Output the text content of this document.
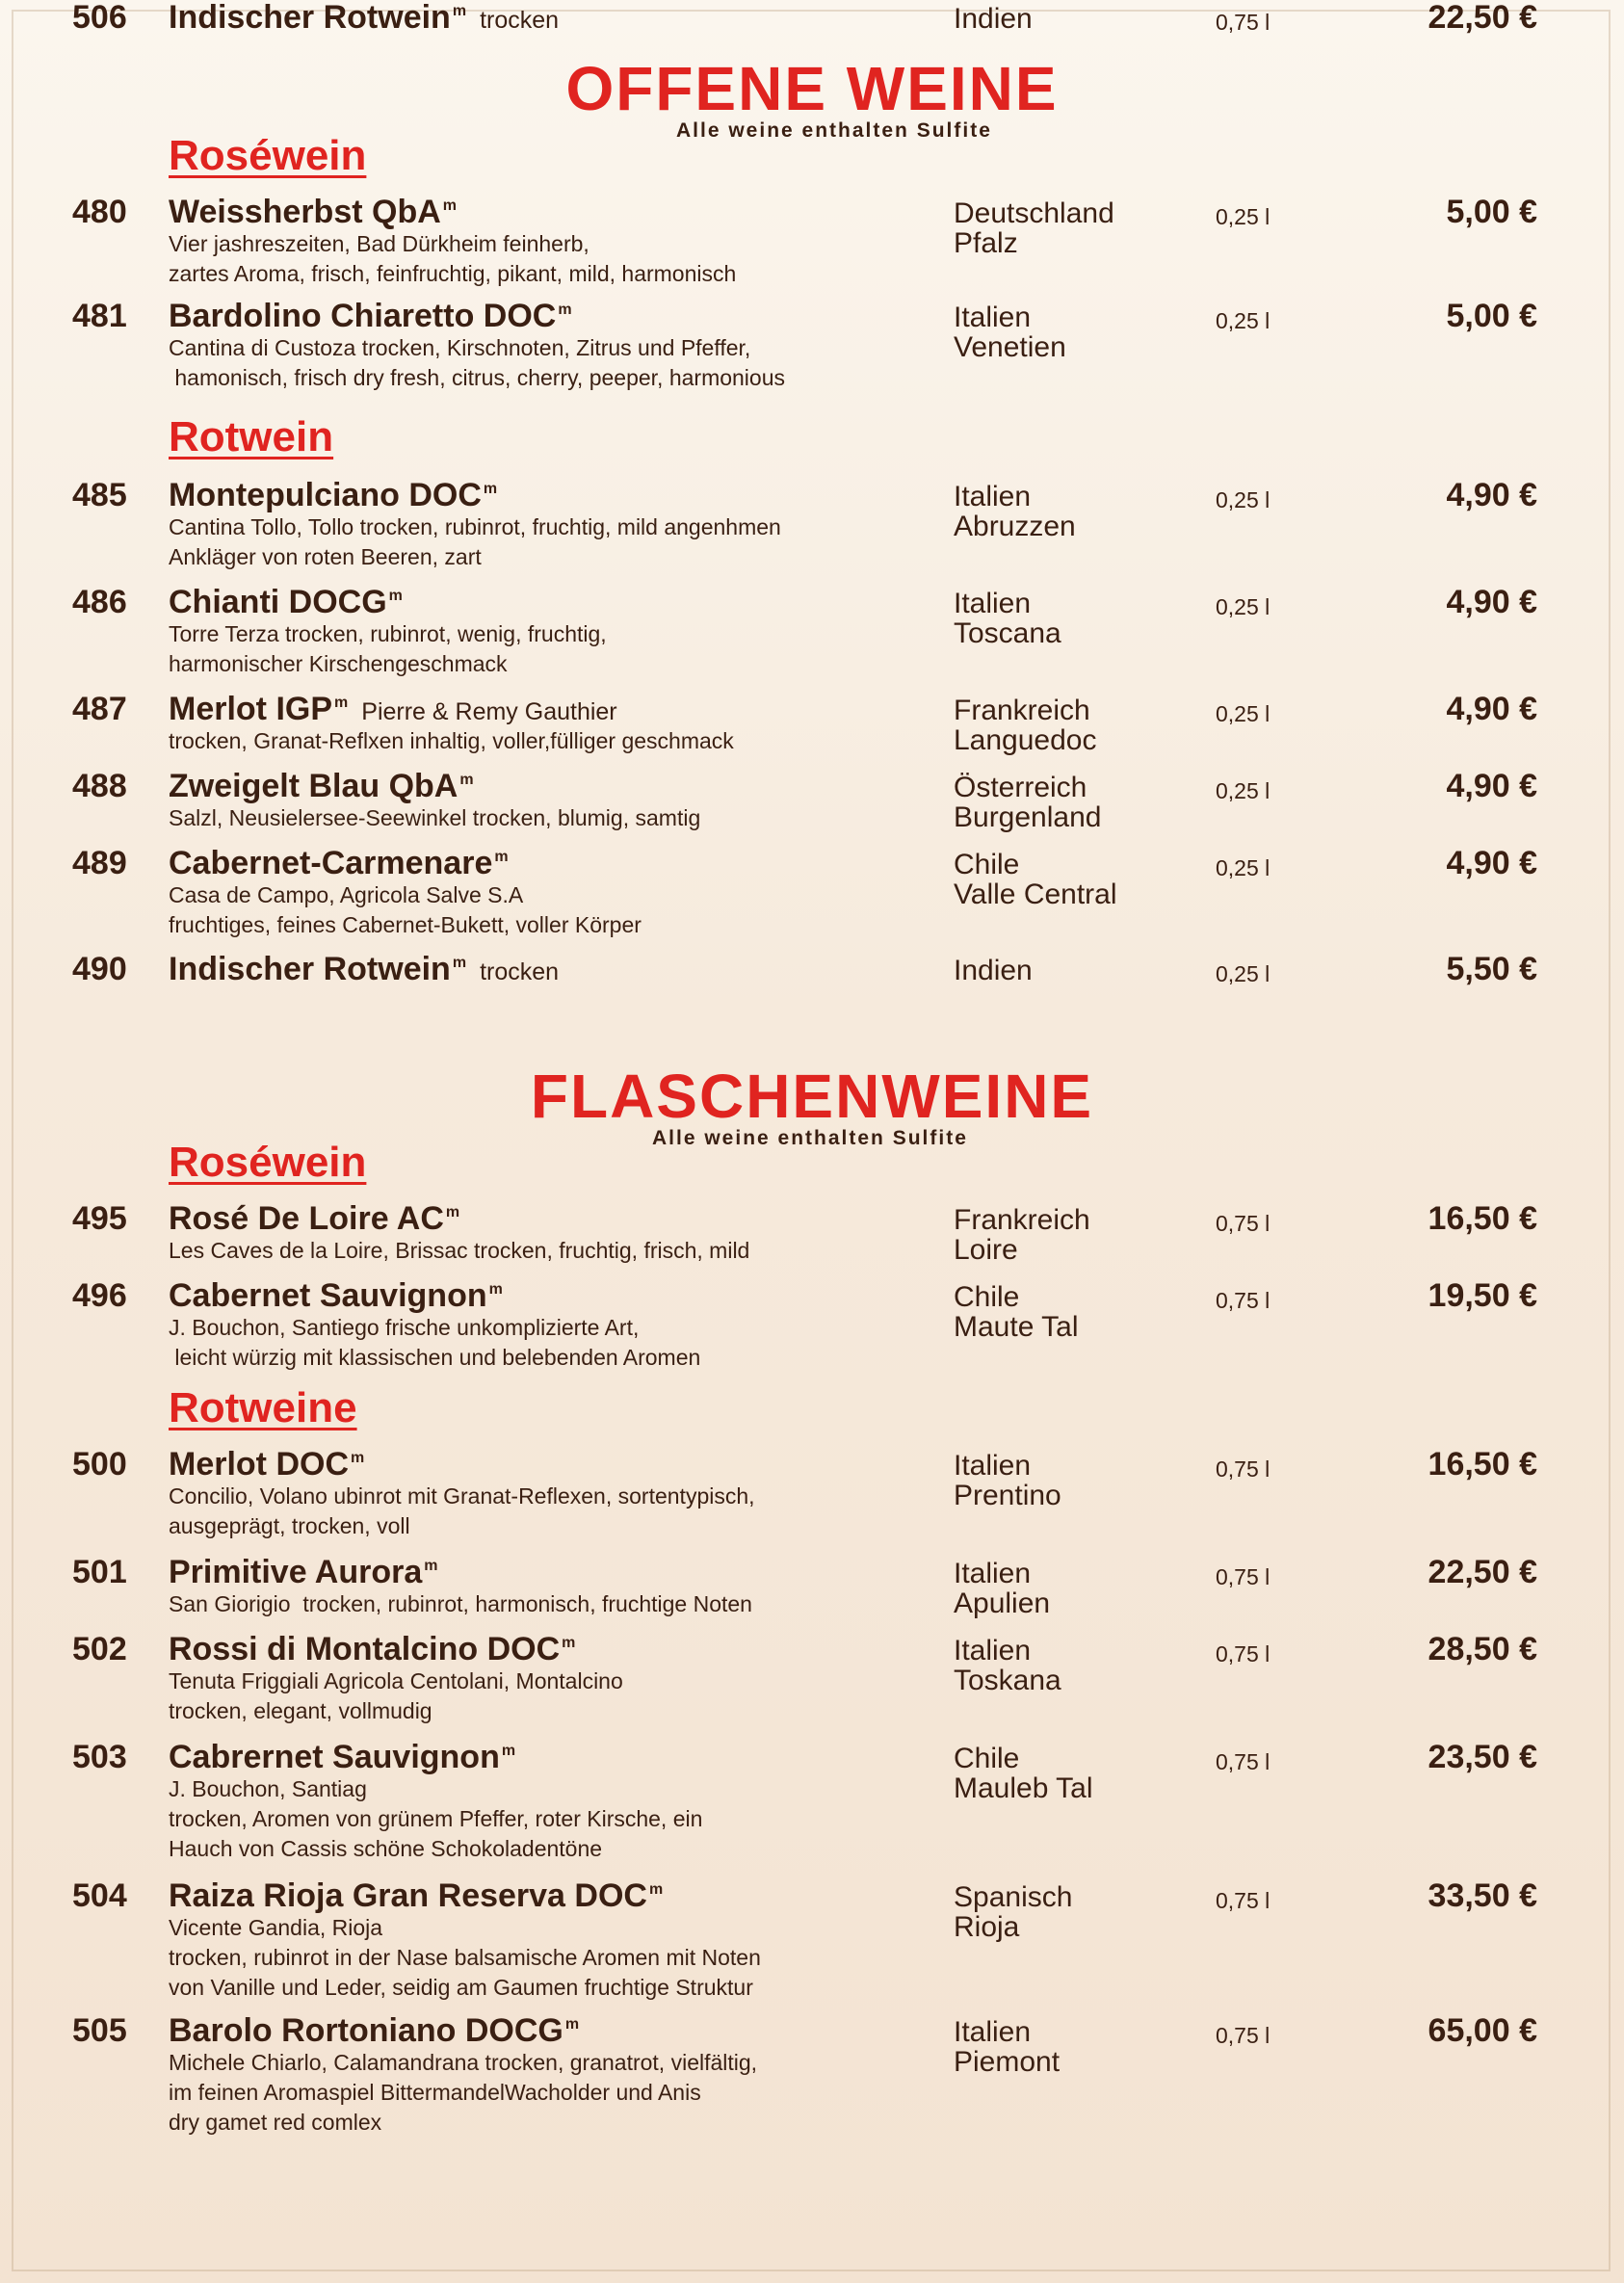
OFFENE WEINE
Alle weine enthalten Sulfite
Roséwein
480 Weissherbst QbA $^m$
Vier jashreszeiten, Bad Dürkheim feinherb,
zartes Aroma, frisch, feinfruchtig, pikant, mild, harmonisch
Deutschland
Pfalz
0,25 l	5,00 €
481 Bardolino Chiaretto DOC $^m$
Cantina di Custoza trocken, Kirschnoten, Zitrus und Pfeffer,
hamonisch, frisch dry fresh, citrus, cherry, peeper, harmonious
Italien
Venetien
0,25 l	5,00 €
Rotwein
485 Montepulciano DOC $^m$
Cantina Tollo, Tollo trocken, rubinrot, fruchtig, mild angenhmen
Ankläger von roten Beeren, zart
Italien
Abruzzen
0,25 l	4,90 €
486 Chianti DOCG $^m$
Torre Terza trocken, rubinrot, wenig, fruchtig,
harmonischer Kirschengeschmack
Italien
Toscana
0,25 l	4,90 €
487 Merlot IGP $^m$ Pierre & Remy Gauthier
trocken, Granat-Reflxen inhaltig, voller,fülliger geschmack
Frankreich
Languedoc
0,25 l	4,90 €
488 Zweigelt Blau QbA $^m$
Salzl, Neusielersee-Seewinkel trocken, blumig, samtig
Österreich
Burgenland
0,25 l	4,90 €
489 Cabernet-Carmenare $^m$
Casa de Campo, Agricola Salve S.A
fruchtiges, feines Cabernet-Bukett, voller Körper
Chile
Valle Central
0,25 l	4,90 €
490 Indischer Rotwein $^m$ trocken	Indien	0,25 l	5,50 €
FLASCHENWEINE
Alle weine enthalten Sulfite
Roséwein
495 Rosé De Loire AC $^m$
Les Caves de la Loire, Brissac trocken, fruchtig, frisch, mild
Frankreich
Loire
0,75 l	16,50 €
496 Cabernet Sauvignon $^m$
J. Bouchon, Santiego frische unkomplizierte Art,
leicht würzig mit klassischen und belebenden Aromen
Chile
Maute Tal
0,75 l	19,50 €
Rotweine
500 Merlot DOC $^m$
Concilio, Volano ubinrot mit Granat-Reflexen, sortentypisch,
ausgeprägt, trocken, voll
Italien
Prentino
0,75 l	16,50 €
501 Primitive Aurora $^m$
San Giorigio  trocken, rubinrot, harmonisch, fruchtige Noten
Italien
Apulien
0,75 l	22,50 €
502 Rossi di Montalcino DOC $^m$
Tenuta Friggiali Agricola Centolani, Montalcino
trocken, elegant, vollmudig
Italien
Toskana
0,75 l	28,50 €
503 Cabrernet Sauvignon $^m$
J. Bouchon, Santiag
trocken, Aromen von grünem Pfeffer, roter Kirsche, ein
Hauch von Cassis schöne Schokoladentöne
Chile
Mauleb Tal
0,75 l	23,50 €
504 Raiza Rioja Gran Reserva DOC $^m$
Vicente Gandia, Rioja
trocken, rubinrot in der Nase balsamische Aromen mit Noten
von Vanille und Leder, seidig am Gaumen fruchtige Struktur
Spanisch
Rioja
0,75 l	33,50 €
505 Barolo Rortoniano DOCG $^m$
Michele Chiarlo, Calamandrana trocken, granatrot, vielfältig,
im feinen Aromaspiel BittermandelWacholder und Anis
dry gamet red comlex
Italien
Piemont
0,75 l	65,00 €
506 Indischer Rotwein $^m$ trocken	Indien	0,75 l	22,50 €
